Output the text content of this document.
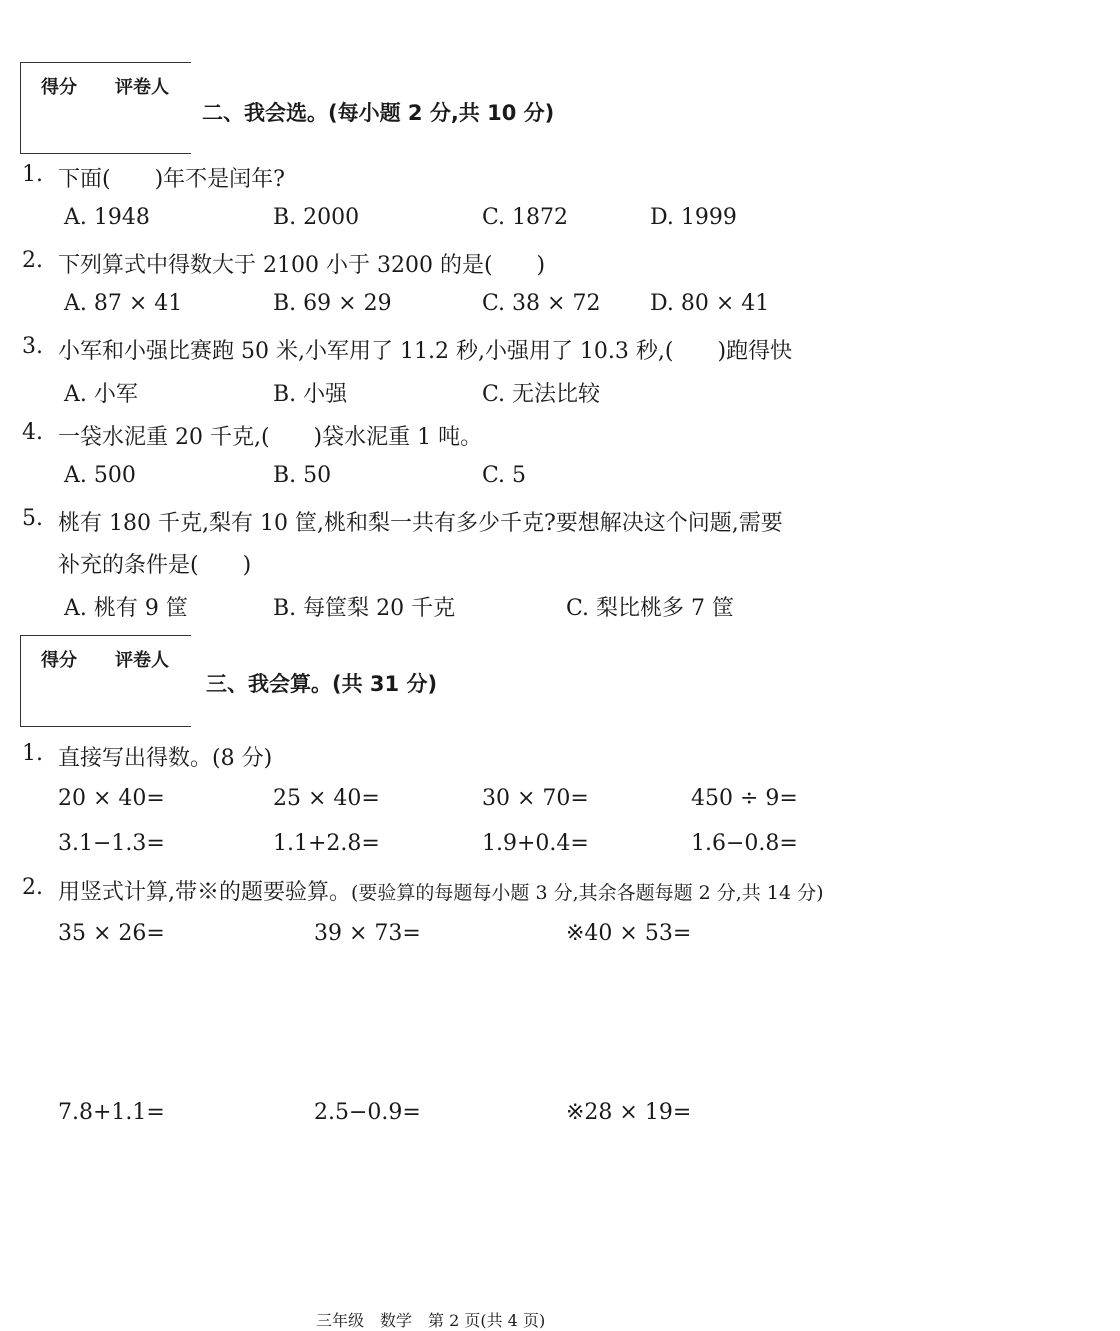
得分 评卷人
二、我会选。(每小题 2 分,共 10 分)
1. 下面(　　)年不是闰年?
A. 1948	B. 2000	C. 1872	D. 1999
2. 下列算式中得数大于 2100 小于 3200 的是(　　)
A. 87 × 41	B. 69 × 29	C. 38 × 72 D. 80 × 41
3. 小军和小强比赛跑 50 米,小军用了 11.2 秒,小强用了 10.3 秒,(　　)跑得快
A. 小军	B. 小强	C. 无法比较
4. 一袋水泥重 20 千克,(　　)袋水泥重 1 吨。
A. 500	B. 50	C. 5
5. 桃有 180 千克,梨有 10 筐,桃和梨一共有多少千克?要想解决这个问题,需要
补充的条件是(　　)
A. 桃有 9 筐	B. 每筐梨 20 千克	C. 梨比桃多 7 筐
得分 评卷人
三、我会算。(共 31 分)
1. 直接写出得数。(8 分)
20 × 40=	25 × 40=	30 × 70=	450 ÷ 9=
3.1−1.3=	1.1+2.8=	1.9+0.4=	1.6−0.8=
2. 用竖式计算,带※的题要验算。(要验算的每题每小题 3 分,其余各题每题 2 分,共 14 分)
35 × 26=	39 × 73=	※40 × 53=
7.8+1.1=	2.5−0.9=	※28 × 19=
三年级　数学　第 2 页(共 4 页)
